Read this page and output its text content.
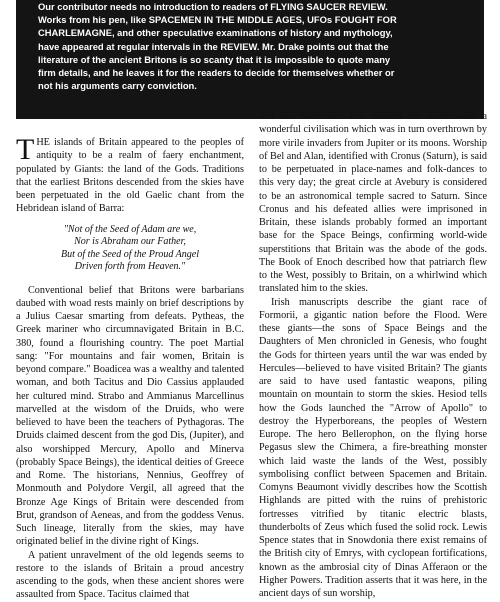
Our contributor needs no introduction to readers of FLYING SAUCER REVIEW.
Works from his pen, like SPACEMEN IN THE MIDDLE AGES, UFOs FOUGHT FOR
CHARLEMAGNE, and other speculative examinations of history and mythology,
have appeared at regular intervals in the REVIEW. Mr. Drake points out that the
literature of the ancient Britons is so scanty that it is impossible to quote many
firm details, and he leaves it for the readers to decide for themselves whether or
not his arguments carry conviction.

THE islands of Britain appeared to the peoples of antiquity to be a realm of faery enchantment, populated by Giants: the land of the Gods. Traditions that the earliest Britons descended from the skies have been perpetuated in the old Gaelic chant from the Hebridean island of Barra:

"Not of the Seed of Adam are we,
Nor is Abraham our Father,
But of the Seed of the Proud Angel
Driven forth from Heaven."

Conventional belief that Britons were barbarians daubed with woad rests mainly on brief descriptions by a Julius Caesar smarting from defeats. Pytheas, the Greek mariner who circumnavigated Britain in B.C. 380, found a flourishing country. The poet Martial sang: "For mountains and fair women, Britain is beyond compare." Boadicea was a wealthy and talented woman, and both Tacitus and Dio Cassius applauded her cultured mind. Strabo and Ammianus Marcellinus marvelled at the wisdom of the Druids, who were believed to have been the teachers of Pythagoras. The Druids claimed descent from the god Dis, (Jupiter), and also worshipped Mercury, Apollo and Minerva (probably Space Beings), the identical deities of Greece and Rome. The historians, Nennius, Geoffrey of Monmouth and Polydore Vergil, all agreed that the Bronze Age Kings of Britain were descended from Brut, grandson of Aeneas, and from the goddess Venus. Such lineage, literally from the skies, may have originated belief in the divine right of Kings.

A patient unravelment of the old legends seems to restore to the islands of Britain a proud ancestry ascending to the gods, when these ancient shores were assaulted from Space. Tacitus claimed that

that the Saturnians had blessed our Earth with a wonderful civilisation which was in turn overthrown by more virile invaders from Jupiter or its moons. Worship of Bel and Alan, identified with Cronus (Saturn), is said to be perpetuated in place-names and folk-dances to this very day; the great circle at Avebury is considered to be an astronomical temple sacred to Saturn. Since Cronus and his defeated allies were imprisoned in Britain, these islands probably formed an important base for the Space Beings, confirming world-wide superstitions that Britain was the abode of the gods. The Book of Enoch described how that patriarch flew to the West, possibly to Britain, on a whirlwind which translated him to the skies.

Irish manuscripts describe the giant race of Formorii, a gigantic nation before the Flood. Were these giants—the sons of Space Beings and the Daughters of Men chronicled in Genesis, who fought the Gods for thirteen years until the war was ended by Hercules—believed to have visited Britain? The giants are said to have used fantastic weapons, piling mountain on mountain to storm the skies. Hesiod tells how the Gods launched the "Arrow of Apollo" to destroy the Hyperboreans, the peoples of Western Europe. The hero Bellerophon, on the flying horse Pegasus slew the Chimera, a fire-breathing monster which laid waste the lands of the West, possibly symbolising conflict between Spacemen and Britain. Comyns Beaumont vividly describes how the Scottish Highlands are pitted with the ruins of prehistoric fortresses vitrified by titanic electric blasts, thunderbolts of Zeus which fused the solid rock. Lewis Spence states that in Snowdonia there exist remains of the British city of Emrys, with cyclopean fortifications, known as the ambrosial city of Dinas Afferaon or the Higher Powers. Tradition asserts that it was here, in the ancient days of sun worship,
